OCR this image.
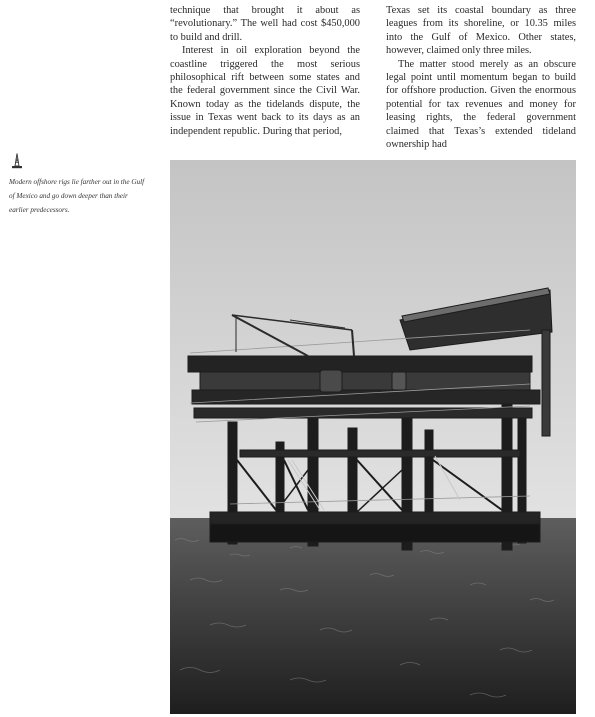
technique that brought it about as “revolutionary.” The well had cost $450,000 to build and drill.

Interest in oil exploration beyond the coastline triggered the most serious philosophical rift between some states and the federal government since the Civil War. Known today as the tidelands dispute, the issue in Texas went back to its days as an independent republic. During that period,

Texas set its coastal boundary as three leagues from its shoreline, or 10.35 miles into the Gulf of Mexico. Other states, however, claimed only three miles.

The matter stood merely as an obscure legal point until momentum began to build for offshore production. Given the enormous potential for tax revenues and money for leasing rights, the federal government claimed that Texas’s extended tideland ownership had

Modern offshore rigs lie farther out in the Gulf of Mexico and go down deeper than their earlier predecessors.
